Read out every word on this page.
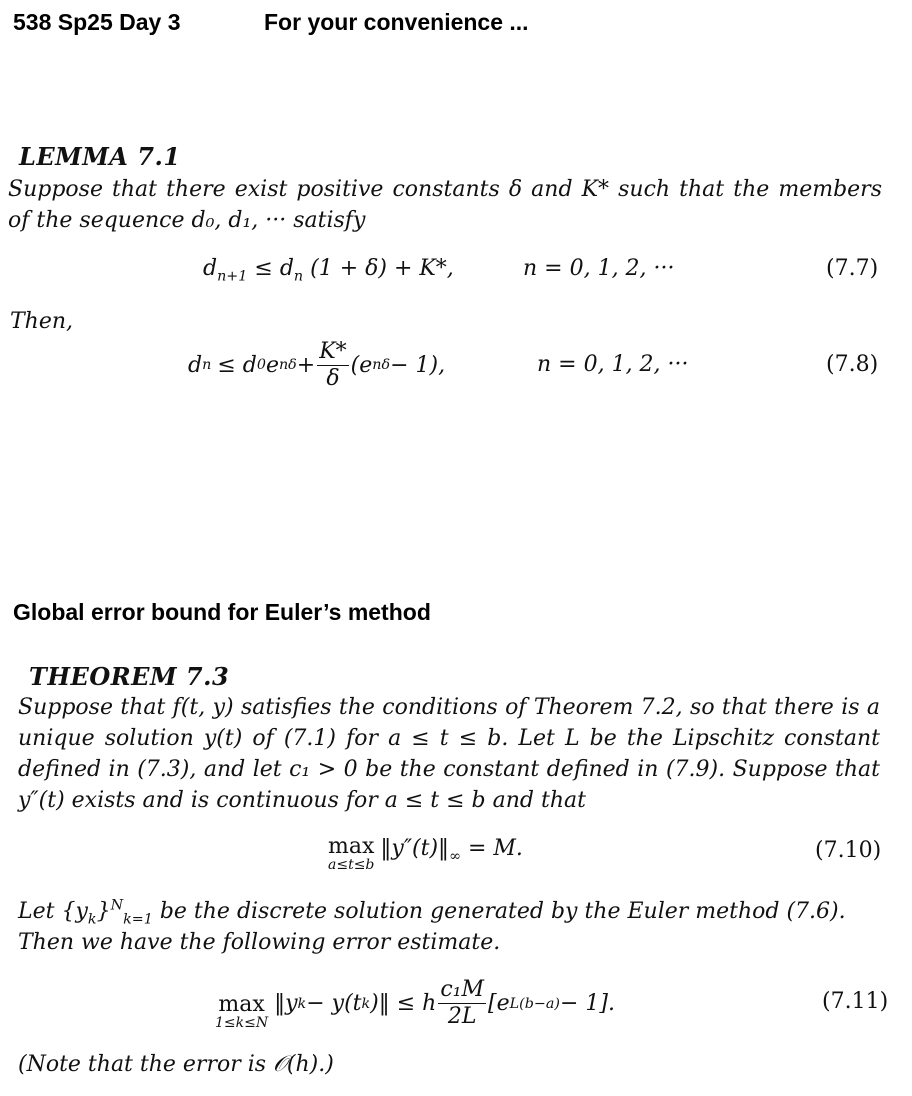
538 Sp25 Day 3	For your convenience ...
LEMMA 7.1
Suppose that there exist positive constants δ and K* such that the members
of the sequence d₀, d₁, ··· satisfy
$d_{n+1} \le d_n$ (1 + δ) + K*,	n = 0, 1, 2, ···	(7.7)
Then,
d n ≤ d 0 e $n\delta + \frac{K*}{\delta} (e$ nδ − 1),	n = 0, 1, 2, ···	(7.8)
Global error bound for Euler’s method
THEOREM 7.3
Suppose that f(t, y) satisfies the conditions of Theorem 7.2, so that there is a unique solution y(t) of (7.1) for a ≤ t ≤ b. Let L be the Lipschitz constant defined in (7.3), and let c₁ > 0 be the constant defined in (7.9). Suppose that y″(t) exists and is continuous for a ≤ t ≤ b and that
max
a≤t≤b
$‖y''(t)‖_\infty = M$.	(7.10)
Let $\{y_k\}^N_{k=1}$ be the discrete solution generated by the Euler method (7.6). Then we have the following error estimate.
max
1≤k≤N
‖y k − y(t k )‖ ≤ h $\frac{\text{c₁M}}{2L} [e$ L(b−a) − 1].	(7.11)
(Note that the error is 𝒪(h).)
